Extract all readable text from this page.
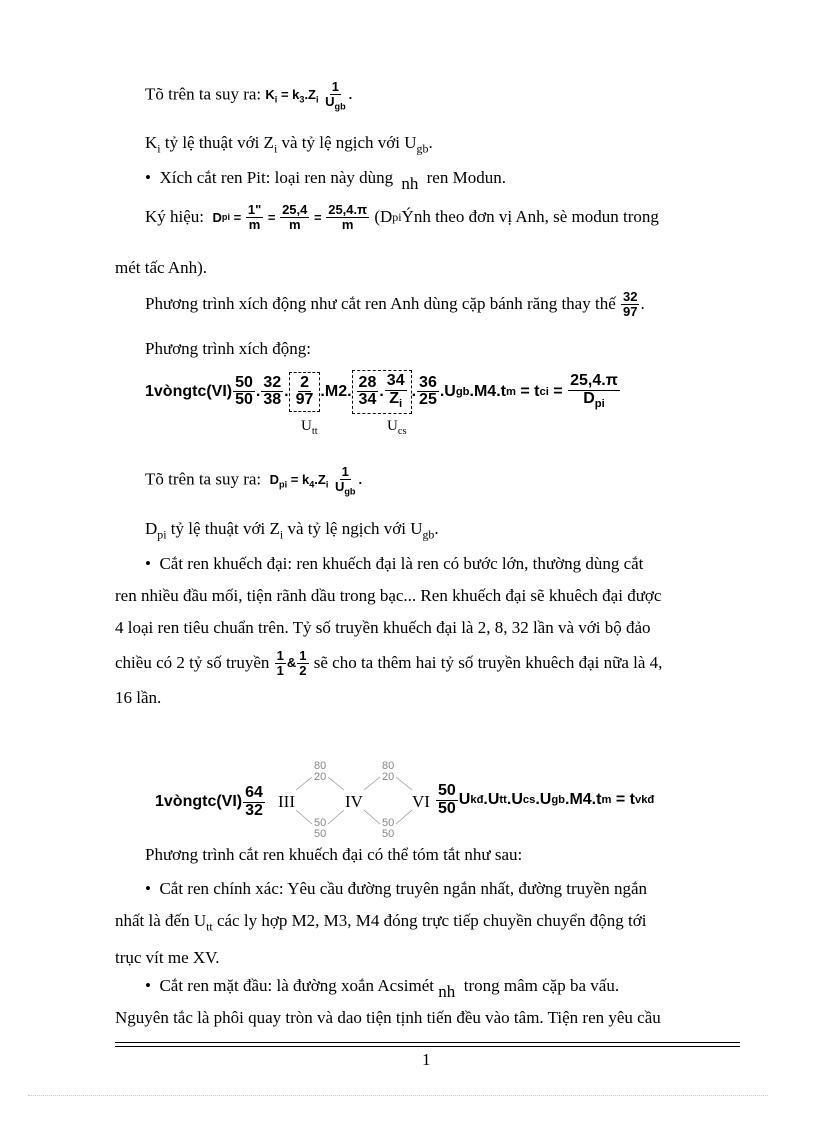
Tõ trên ta suy ra: $K_i = k_3.Z_i \frac{1}{U_{gb}}$ .
$K_i$ tỷ lệ thuật với $Z_i$ và tỷ lệ ngịch với $U_{gb}$.
• Xích cắt ren Pit: loại ren này dùng nh ren Modun.
Ký hiệu:
D pi = $\frac{1"}{m} = \frac{25,4}{m} = \frac{25,4.\pi}{m}$
(D pi Ýnh theo đơn vị Anh, sè modun trong
mét tấc Anh).
Phương trình xích động như cắt ren Anh dùng cặp bánh răng thay thế
$\frac{32}{97}$ .
Phương trình xích động:
1vòngtc(VI) $\frac{50}{50}$ . $\frac{32}{38}$ . $\frac{2}{97} .M2$. $\frac{28}{34}$ . $\frac{34}{Z_i}$ . $\frac{36}{25} .U$ gb .M4.t m
= t ci = $\frac{25,4.\pi}{D_{pi}}$
$U_{tt}$	$U_{cs}$
Tõ trên ta suy ra: $D_{pi} = k_4.Z_i \frac{1}{U_{gb}}$ .
$D_{pi}$ tỷ lệ thuật với $Z_i$ và tỷ lệ ngịch với $U_{gb}$.
• Cắt ren khuếch đại: ren khuếch đại là ren có bước lớn, thường dùng cắt
ren nhiều đầu mối, tiện rãnh dầu trong bạc... Ren khuếch đại sẽ khuêch đại được
4 loại ren tiêu chuẩn trên. Tỷ số truyền khuếch đại là 2, 8, 32 lần và với bộ đảo
chiều có 2 tỷ số truyền
$\frac{1}{1}$ & $\frac{1}{2}$
sẽ cho ta thêm hai tỷ số truyền khuêch đại nữa là 4,
16 lần.
1vòngtc(VI) $\frac{64}{32}$ III	IV	VI
80
20
80
20
50
50
50
50
$\frac{50}{50}$ U kđ .U tt .U cs .U gb .M4.t m
= t vkđ
Phương trình cắt ren khuếch đại có thể tóm tắt như sau:
• Cắt ren chính xác: Yêu cầu đường truyên ngắn nhất, đường truyền ngắn
nhất là đến $U_{tt}$ các ly hợp M2, M3, M4 đóng trực tiếp chuyền chuyển động tới
trục vít me XV.
• Cắt ren mặt đầu: là đường xoắn Acsimét nh trong mâm cặp ba vấu.
Nguyên tắc là phôi quay tròn và dao tiện tịnh tiến đều vào tâm. Tiện ren yêu cầu
1
